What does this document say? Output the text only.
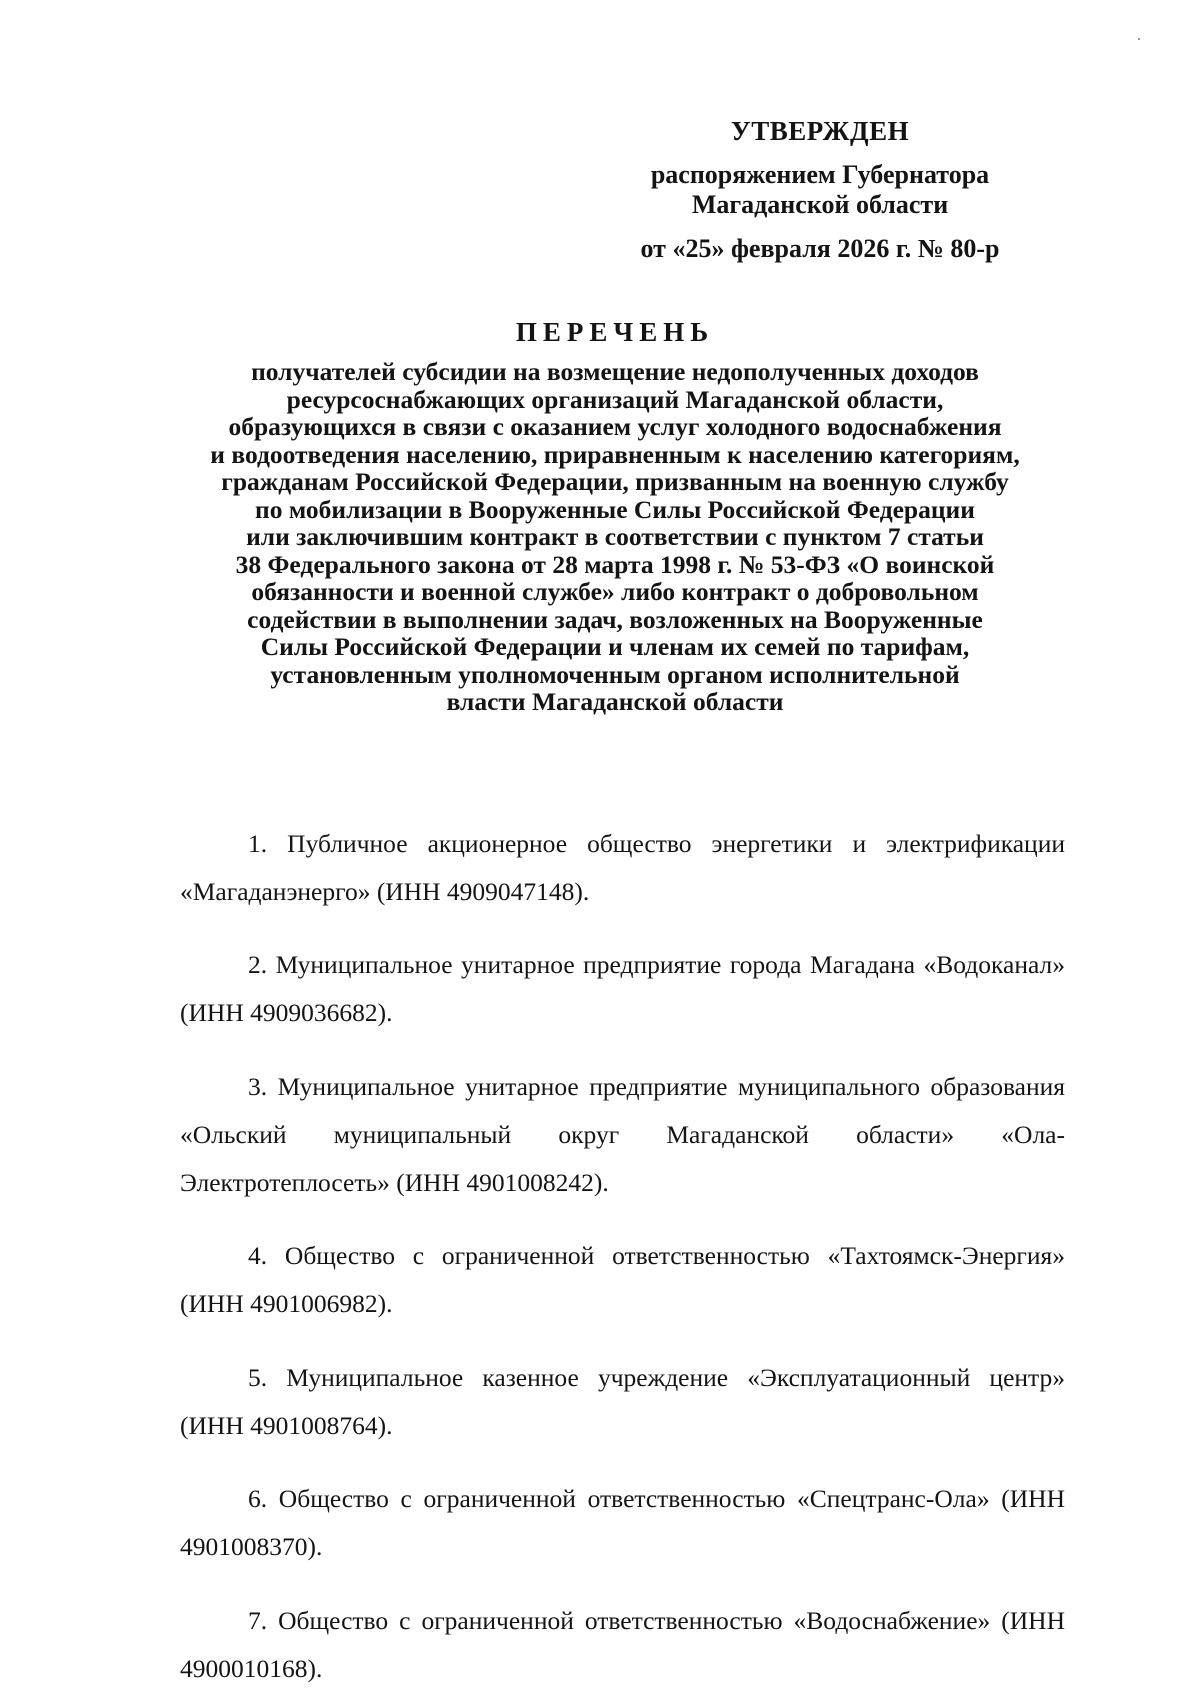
УТВЕРЖДЕН
распоряжением Губернатора
Магаданской области
от «25» февраля 2026 г. № 80-р
ПЕРЕЧЕНЬ
получателей субсидии на возмещение недополученных доходов
ресурсоснабжающих организаций Магаданской области,
образующихся в связи с оказанием услуг холодного водоснабжения
и водоотведения населению, приравненным к населению категориям,
гражданам Российской Федерации, призванным на военную службу
по мобилизации в Вооруженные Силы Российской Федерации
или заключившим контракт в соответствии с пунктом 7 статьи
38 Федерального закона от 28 марта 1998 г. № 53-ФЗ «О воинской
обязанности и военной службе» либо контракт о добровольном
содействии в выполнении задач, возложенных на Вооруженные
Силы Российской Федерации и членам их семей по тарифам,
установленным уполномоченным органом исполнительной
власти Магаданской области

1. Публичное акционерное общество энергетики и электрификации «Магаданэнерго» (ИНН 4909047148).

2. Муниципальное унитарное предприятие города Магадана «Водоканал» (ИНН 4909036682).

3. Муниципальное унитарное предприятие муниципального образования «Ольский муниципальный округ Магаданской области» «Ола-Электротеплосеть» (ИНН 4901008242).

4. Общество с ограниченной ответственностью «Тахтоямск-Энергия» (ИНН 4901006982).

5. Муниципальное казенное учреждение «Эксплуатационный центр» (ИНН 4901008764).

6. Общество с ограниченной ответственностью «Спецтранс-Ола» (ИНН 4901008370).

7. Общество с ограниченной ответственностью «Водоснабжение» (ИНН 4900010168).
